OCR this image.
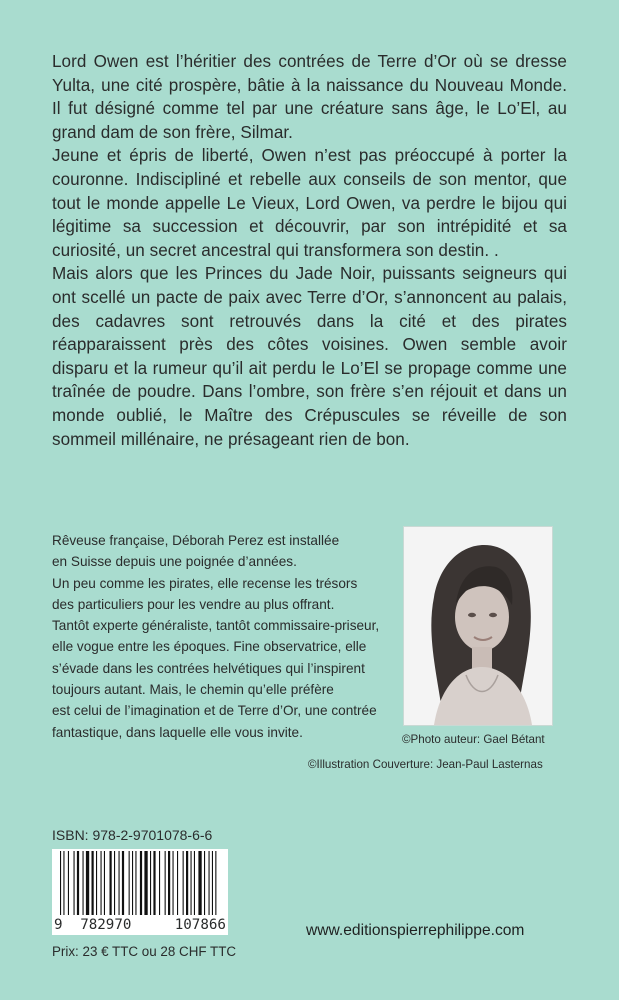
Lord Owen est l’héritier des contrées de Terre d’Or où se dresse Yulta, une cité prospère, bâtie à la naissance du Nouveau Monde. Il fut désigné comme tel par une créature sans âge, le Lo’El, au grand dam de son frère, Silmar.

Jeune et épris de liberté, Owen n’est pas préoccupé à porter la couronne. Indiscipliné et rebelle aux conseils de son mentor, que tout le monde appelle Le Vieux, Lord Owen, va perdre le bijou qui légitime sa succession et découvrir, par son intrépidité et sa curiosité, un secret ancestral qui transformera son destin. .

Mais alors que les Princes du Jade Noir, puissants seigneurs qui ont scellé un pacte de paix avec Terre d’Or, s’annoncent au palais, des cadavres sont retrouvés dans la cité et des pirates réapparaissent près des côtes voisines. Owen semble avoir disparu et la rumeur qu’il ait perdu le Lo’El se propage comme une traînée de poudre. Dans l’ombre, son frère s’en réjouit et dans un monde oublié, le Maître des Crépuscules se réveille de son sommeil millénaire, ne présageant rien de bon.

Rêveuse française, Déborah Perez est installée
en Suisse depuis une poignée d’années.
Un peu comme les pirates, elle recense les trésors
des particuliers pour les vendre au plus offrant.
Tantôt experte généraliste, tantôt commissaire-priseur,
elle vogue entre les époques. Fine observatrice, elle
s’évade dans les contrées helvétiques qui l’inspirent
toujours autant. Mais, le chemin qu’elle préfère
est celui de l’imagination et de Terre d’Or, une contrée
fantastique, dans laquelle elle vous invite.	©Photo auteur: Gael Bétant
©Illustration Couverture: Jean-Paul Lasternas
ISBN: 978-2-9701078-6-6
9 782970	107866
Prix: 23 € TTC ou 28 CHF TTC
www.editionspierrephilippe.com
